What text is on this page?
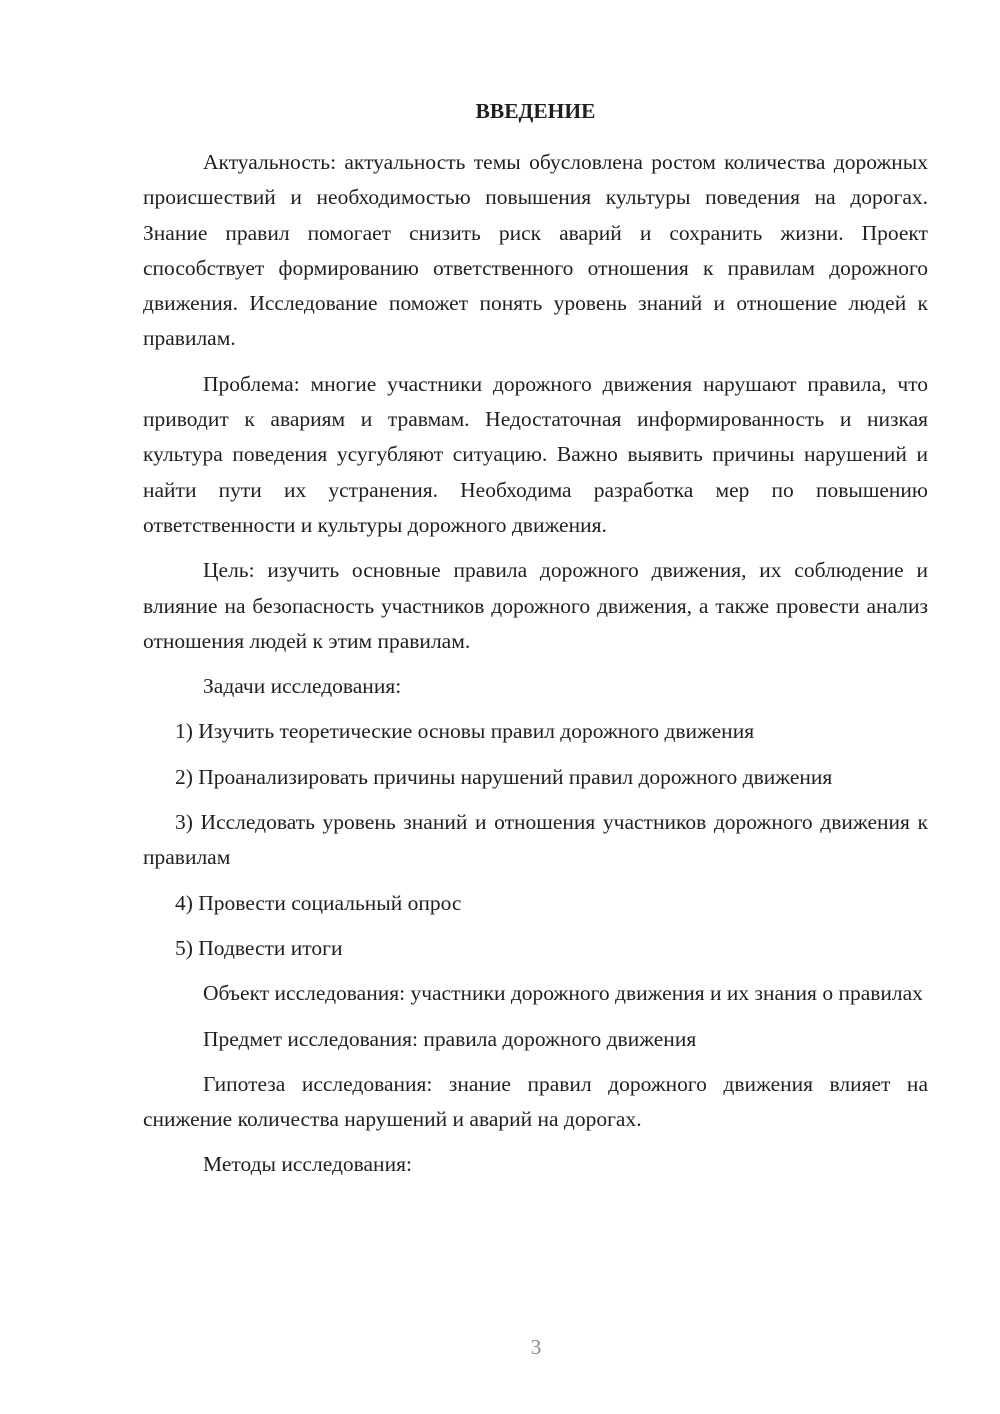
ВВЕДЕНИЕ

Актуальность: актуальность темы обусловлена ростом количества дорожных происшествий и необходимостью повышения культуры поведения на дорогах. Знание правил помогает снизить риск аварий и сохранить жизни. Проект способствует формированию ответственного отношения к правилам дорожного движения. Исследование поможет понять уровень знаний и отношение людей к правилам.

Проблема: многие участники дорожного движения нарушают правила, что приводит к авариям и травмам. Недостаточная информированность и низкая культура поведения усугубляют ситуацию. Важно выявить причины нарушений и найти пути их устранения. Необходима разработка мер по повышению ответственности и культуры дорожного движения.

Цель: изучить основные правила дорожного движения, их соблюдение и влияние на безопасность участников дорожного движения, а также провести анализ отношения людей к этим правилам.

Задачи исследования:

1) Изучить теоретические основы правил дорожного движения

2) Проанализировать причины нарушений правил дорожного движения

3) Исследовать уровень знаний и отношения участников дорожного движения к правилам

4) Провести социальный опрос

5) Подвести итоги

Объект исследования: участники дорожного движения и их знания о правилах

Предмет исследования: правила дорожного движения

Гипотеза исследования: знание правил дорожного движения влияет на снижение количества нарушений и аварий на дорогах.

Методы исследования:

3
